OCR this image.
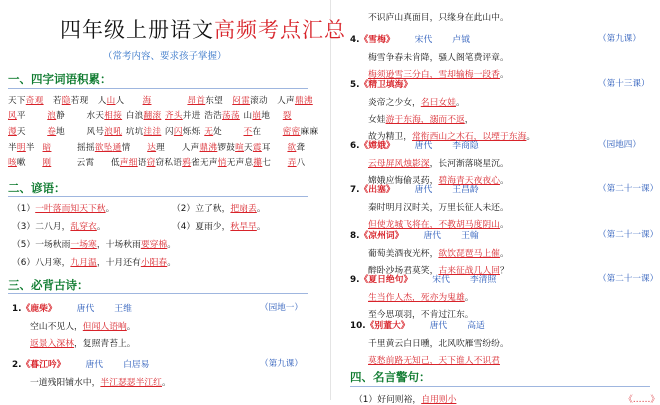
四年级上册语文高频考点汇总
（常考内容、要求孩子掌握）
一、四字词语积累：
天下奇观	若隐若现	人山人	海	昂首东望	闷雷滚动	人声鼎沸
风平	浪静	水天相接 白浪翻滚 齐头并进 浩浩荡荡 山崩地	裂
漫天	卷地	风号浪吼 坑坑洼洼 闪闪烁烁 无处	不在	密密麻麻
半明半 暗	摇摇欲坠 通情	达理	人声鼎沸 锣鼓喧天 震耳	欲聋
咳嗽	刚	云霄	低声细语 窃窃私语 鸦雀无声 悄无声息 攥七	弄八
二、谚语：
（1）一叶落而知天下秋。	（2）立了秋，把扇丢。
（3）二八月，乱穿衣。	（4）夏雨少，秋旱早。
（5）一场秋雨一场寒，十场秋雨要穿棉。
（6）八月寒，九月温，十月还有小阳春。
三、必背古诗：
1.《鹿柴》 唐代 王维	（园地一）
空山不见人，但闻人语响。
返景入深林，复照青苔上。
2.《暮江吟》 唐代 白居易	（第九课）
一道残阳铺水中，半江瑟瑟半江红。
不识庐山真面目，只缘身在此山中。
4.《雪梅》 宋代 卢钺	（第九课）
梅雪争春未肯降，骚人阁笔费评章。
梅须逊雪三分白，雪却输梅一段香。
5.《精卫填海》	（第十三课）
炎帝之少女，名曰女娃。
女娃游于东海，溺而不返，
故为精卫，常衔西山之木石，以堙于东海。
6.《嫦娥》 唐代 李商隐	（园地四）
云母屏风烛影深，长河渐落晓星沉。
嫦娥应悔偷灵药，碧海青天夜夜心。
7.《出塞》 唐代 王昌龄	（第二十一课）
秦时明月汉时关，万里长征人未还。
但使龙城飞将在，不教胡马度阴山。
8.《凉州词》 唐代 王翰	（第二十一课）
葡萄美酒夜光杯，欲饮琵琶马上催。
醉卧沙场君莫笑，古来征战几人回？
9.《夏日绝句》 宋代 李清照	（第二十一课）
生当作人杰，死亦为鬼雄。
至今思项羽，不肯过江东。
10.《别董大》 唐代 高适
千里黄云白日曛，北风吹雁雪纷纷。
莫愁前路无知己，天下谁人不识君
四、名言警句：
（1）好问则裕，自用则小	《……》
